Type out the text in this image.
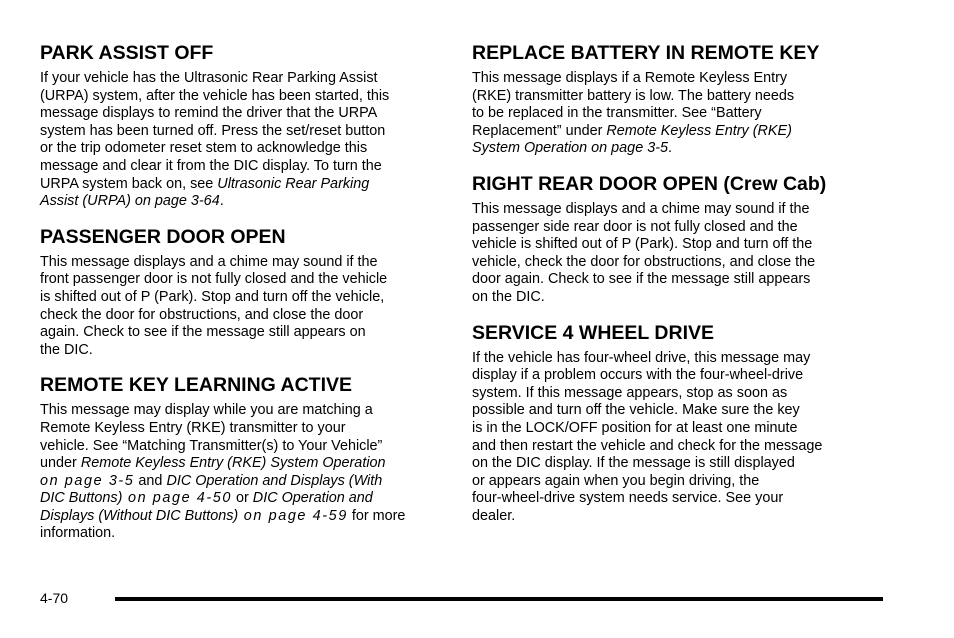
PARK ASSIST OFF
If your vehicle has the Ultrasonic Rear Parking Assist
(URPA) system, after the vehicle has been started, this
message displays to remind the driver that the URPA
system has been turned off. Press the set/reset button
or the trip odometer reset stem to acknowledge this
message and clear it from the DIC display. To turn the
URPA system back on, see Ultrasonic Rear Parking
Assist (URPA) on page 3-64.
PASSENGER DOOR OPEN
This message displays and a chime may sound if the
front passenger door is not fully closed and the vehicle
is shifted out of P (Park). Stop and turn off the vehicle,
check the door for obstructions, and close the door
again. Check to see if the message still appears on
the DIC.
REMOTE KEY LEARNING ACTIVE
This message may display while you are matching a
Remote Keyless Entry (RKE) transmitter to your
vehicle. See “Matching Transmitter(s) to Your Vehicle”
under Remote Keyless Entry (RKE) System Operation
on page 3-5 and DIC Operation and Displays (With
DIC Buttons) on page 4-50 or DIC Operation and
Displays (Without DIC Buttons) on page 4-59 for more
information.
REPLACE BATTERY IN REMOTE KEY
This message displays if a Remote Keyless Entry
(RKE) transmitter battery is low. The battery needs
to be replaced in the transmitter. See “Battery
Replacement” under Remote Keyless Entry (RKE)
System Operation on page 3-5.
RIGHT REAR DOOR OPEN (Crew Cab)
This message displays and a chime may sound if the
passenger side rear door is not fully closed and the
vehicle is shifted out of P (Park). Stop and turn off the
vehicle, check the door for obstructions, and close the
door again. Check to see if the message still appears
on the DIC.
SERVICE 4 WHEEL DRIVE
If the vehicle has four-wheel drive, this message may
display if a problem occurs with the four-wheel-drive
system. If this message appears, stop as soon as
possible and turn off the vehicle. Make sure the key
is in the LOCK/OFF position for at least one minute
and then restart the vehicle and check for the message
on the DIC display. If the message is still displayed
or appears again when you begin driving, the
four-wheel-drive system needs service. See your
dealer.
4-70
